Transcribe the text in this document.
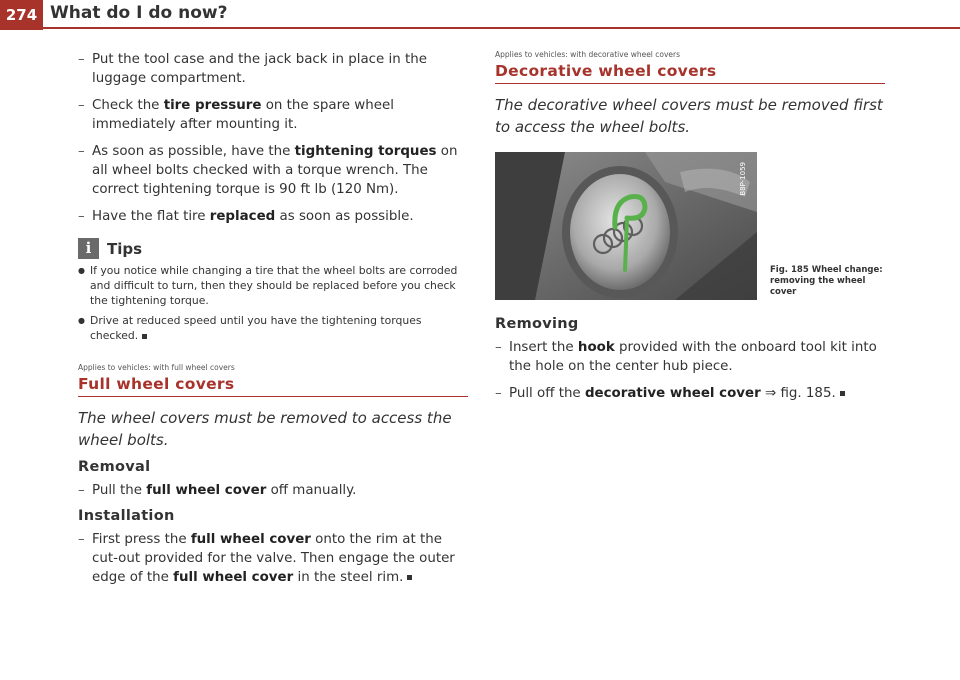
274 What do I do now?
– Put the tool case and the jack back in place in the luggage compartment.
– Check the tire pressure on the spare wheel immediately after mounting it.
– As soon as possible, have the tightening torques on all wheel bolts checked with a torque wrench. The correct tightening torque is 90 ft lb (120 Nm).
– Have the flat tire replaced as soon as possible.
i	Tips
● If you notice while changing a tire that the wheel bolts are corroded and difficult to turn, then they should be replaced before you check the tightening torque.
● Drive at reduced speed until you have the tightening torques checked.
Applies to vehicles: with full wheel covers
Full wheel covers
The wheel covers must be removed to access the wheel bolts.
Removal
– Pull the full wheel cover off manually.
Installation
– First press the full wheel cover onto the rim at the cut-out provided for the valve. Then engage the outer edge of the full wheel cover in the steel rim.
Applies to vehicles: with decorative wheel covers
Decorative wheel covers
The decorative wheel covers must be removed first to access the wheel bolts.
B8P-1059
Fig. 185 Wheel change: removing the wheel cover
Removing
– Insert the hook provided with the onboard tool kit into the hole on the center hub piece.
– Pull off the decorative wheel cover ⇒ fig. 185.
